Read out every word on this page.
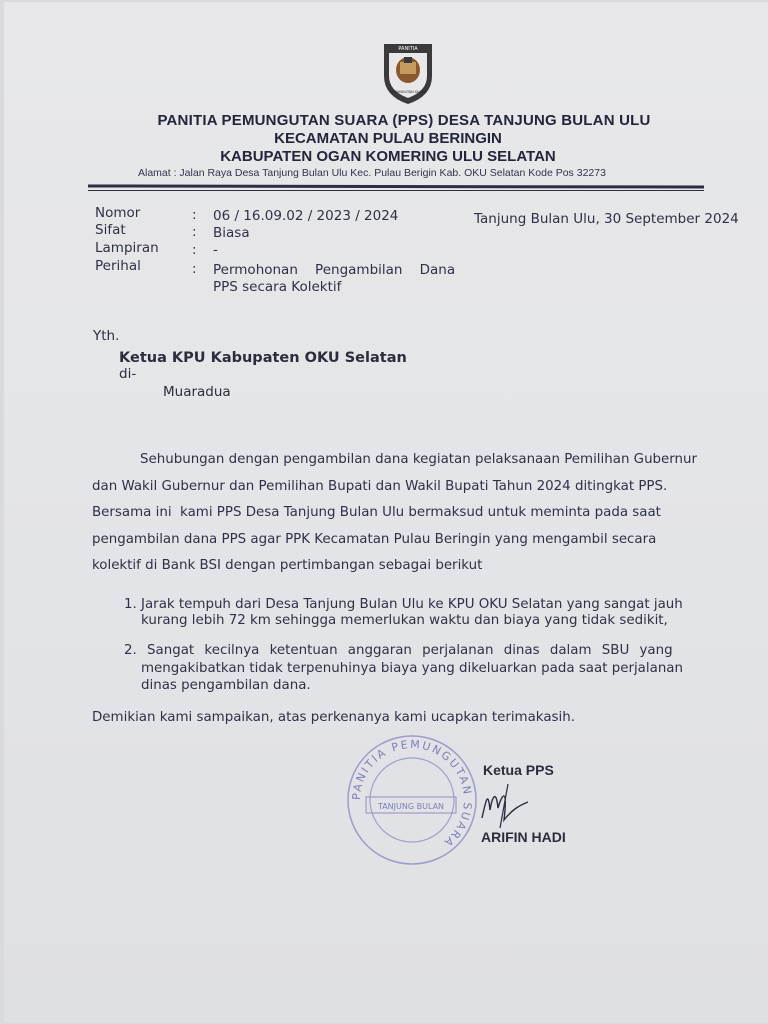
PANITIA
PEMUNGUTAN SUARA
PANITIA PEMUNGUTAN SUARA (PPS) DESA TANJUNG BULAN ULU
KECAMATAN PULAU BERINGIN
KABUPATEN OGAN KOMERING ULU SELATAN
Alamat : Jalan Raya Desa Tanjung Bulan Ulu Kec. Pulau Berigin Kab. OKU Selatan Kode Pos 32273
Nomor	: 06 / 16.09.02 / 2023 / 2024	Tanjung Bulan Ulu, 30 September 2024
Sifat	: Biasa
Lampiran : -
Perihal	: Permohonan    Pengambilan    Dana
PPS secara Kolektif
Yth.
Ketua KPU Kabupaten OKU Selatan
di-
Muaradua
Sehubungan dengan pengambilan dana kegiatan pelaksanaan Pemilihan Gubernur
dan Wakil Gubernur dan Pemilihan Bupati dan Wakil Bupati Tahun 2024 ditingkat PPS.
Bersama ini  kami PPS Desa Tanjung Bulan Ulu bermaksud untuk meminta pada saat
pengambilan dana PPS agar PPK Kecamatan Pulau Beringin yang mengambil secara
kolektif di Bank BSI dengan pertimbangan sebagai berikut
1. Jarak tempuh dari Desa Tanjung Bulan Ulu ke KPU OKU Selatan yang sangat jauh
kurang lebih 72 km sehingga memerlukan waktu dan biaya yang tidak sedikit,
2. Sangat kecilnya ketentuan anggaran perjalanan dinas dalam SBU yang
mengakibatkan tidak terpenuhinya biaya yang dikeluarkan pada saat perjalanan
dinas pengambilan dana.
Demikian kami sampaikan, atas perkenanya kami ucapkan terimakasih.
PANITIA PEMUNGUTAN SUARA
TANJUNG BULAN
Ketua PPS
ARIFIN HADI
